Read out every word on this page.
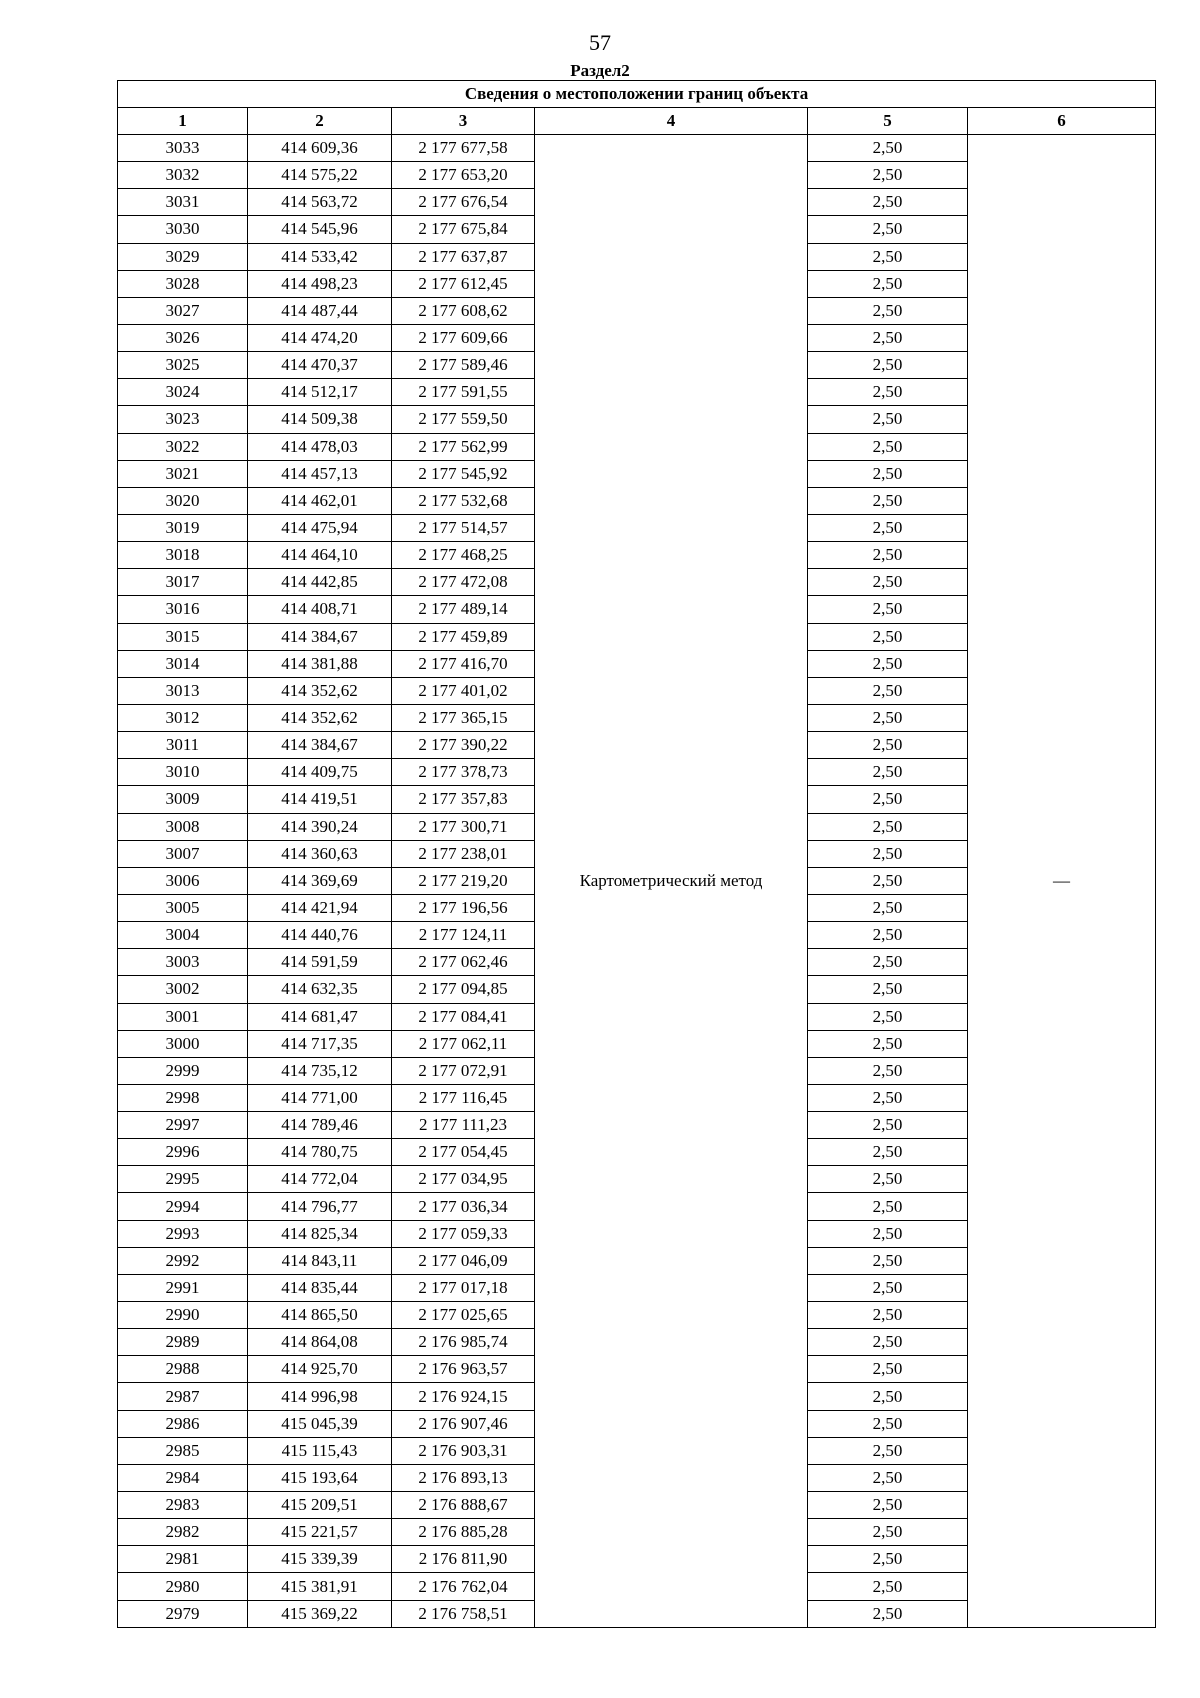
57
Раздел2
Сведения о местоположении границ объекта					
1	2	3	4	5	6
3033	414 609,36	2 177 677,58	Картометрический метод	2,50	—
3032	414 575,22	2 177 653,20		2,50	
3031	414 563,72	2 177 676,54		2,50	
3030	414 545,96	2 177 675,84		2,50	
3029	414 533,42	2 177 637,87		2,50	
3028	414 498,23	2 177 612,45		2,50	
3027	414 487,44	2 177 608,62		2,50	
3026	414 474,20	2 177 609,66		2,50	
3025	414 470,37	2 177 589,46		2,50	
3024	414 512,17	2 177 591,55		2,50	
3023	414 509,38	2 177 559,50		2,50	
3022	414 478,03	2 177 562,99		2,50	
3021	414 457,13	2 177 545,92		2,50	
3020	414 462,01	2 177 532,68		2,50	
3019	414 475,94	2 177 514,57		2,50	
3018	414 464,10	2 177 468,25		2,50	
3017	414 442,85	2 177 472,08		2,50	
3016	414 408,71	2 177 489,14		2,50	
3015	414 384,67	2 177 459,89		2,50	
3014	414 381,88	2 177 416,70		2,50	
3013	414 352,62	2 177 401,02		2,50	
3012	414 352,62	2 177 365,15		2,50	
3011	414 384,67	2 177 390,22		2,50	
3010	414 409,75	2 177 378,73		2,50	
3009	414 419,51	2 177 357,83		2,50	
3008	414 390,24	2 177 300,71		2,50	
3007	414 360,63	2 177 238,01		2,50	
3006	414 369,69	2 177 219,20		2,50	
3005	414 421,94	2 177 196,56		2,50	
3004	414 440,76	2 177 124,11		2,50	
3003	414 591,59	2 177 062,46		2,50	
3002	414 632,35	2 177 094,85		2,50	
3001	414 681,47	2 177 084,41		2,50	
3000	414 717,35	2 177 062,11		2,50	
2999	414 735,12	2 177 072,91		2,50	
2998	414 771,00	2 177 116,45		2,50	
2997	414 789,46	2 177 111,23		2,50	
2996	414 780,75	2 177 054,45		2,50	
2995	414 772,04	2 177 034,95		2,50	
2994	414 796,77	2 177 036,34		2,50	
2993	414 825,34	2 177 059,33		2,50	
2992	414 843,11	2 177 046,09		2,50	
2991	414 835,44	2 177 017,18		2,50	
2990	414 865,50	2 177 025,65		2,50	
2989	414 864,08	2 176 985,74		2,50	
2988	414 925,70	2 176 963,57		2,50	
2987	414 996,98	2 176 924,15		2,50	
2986	415 045,39	2 176 907,46		2,50	
2985	415 115,43	2 176 903,31		2,50	
2984	415 193,64	2 176 893,13		2,50	
2983	415 209,51	2 176 888,67		2,50	
2982	415 221,57	2 176 885,28		2,50	
2981	415 339,39	2 176 811,90		2,50	
2980	415 381,91	2 176 762,04		2,50	
2979	415 369,22	2 176 758,51		2,50	
